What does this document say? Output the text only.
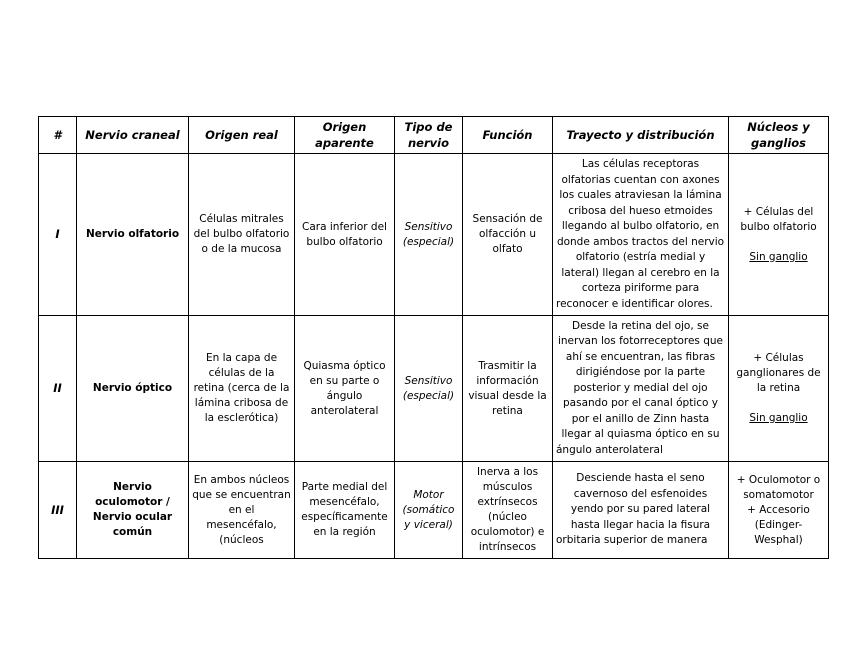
#	Nervio craneal	Origen real	Origen aparente	Tipo de nervio	Función	Trayecto y distribución	Núcleos y ganglios
I	Nervio olfatorio	Células mitrales del bulbo olfatorio o de la mucosa	Cara inferior del bulbo olfatorio	Sensitivo (especial)	Sensación de olfacción u olfato	Las células receptoras olfatorias cuentan con axones los cuales atraviesan la lámina cribosa del hueso etmoides llegando al bulbo olfatorio, en donde ambos tractos del nervio olfatorio (estría medial y lateral) llegan al cerebro en la corteza piriforme para reconocer e identificar olores.	+ Células del bulbo olfatorio
Sin ganglio

II	Nervio óptico	En la capa de células de la retina (cerca de la lámina cribosa de la esclerótica)	Quiasma óptico en su parte o ángulo anterolateral	Sensitivo (especial)	Trasmitir la información visual desde la retina	Desde la retina del ojo, se inervan los fotorreceptores que ahí se encuentran, las fibras dirigiéndose por la parte posterior y medial del ojo pasando por el canal óptico y por el anillo de Zinn hasta llegar al quiasma óptico en su ángulo anterolateral	+ Células ganglionares de la retina
Sin ganglio

III	Nervio oculomotor / Nervio ocular común	En ambos núcleos que se encuentran en el mesencéfalo, (núcleos	Parte medial del mesencéfalo, específicamente en la región	Motor (somático y viceral)	Inerva a los músculos extrínsecos (núcleo oculomotor) e intrínsecos	Desciende hasta el seno cavernoso del esfenoides yendo por su pared lateral hasta llegar hacia la fisura orbitaria superior de manera	+ Oculomotor o somatomotor
+ Accesorio (Edinger-Wesphal)
